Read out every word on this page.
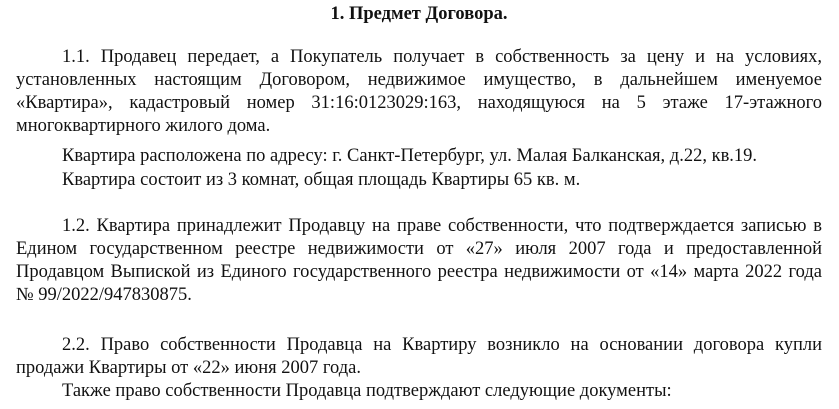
1. Предмет Договора.

1.1. Продавец передает, а Покупатель получает в собственность за цену и на условиях, установленных настоящим Договором, недвижимое имущество, в дальнейшем именуемое «Квартира», кадастровый номер 31:16:0123029:163, находящуюся на 5 этаже 17-этажного многоквартирного жилого дома.

Квартира расположена по адресу: г. Санкт-Петербург, ул. Малая Балканская, д.22, кв.19.

Квартира состоит из 3 комнат, общая площадь Квартиры 65 кв. м.

1.2. Квартира принадлежит Продавцу на праве собственности, что подтверждается записью в Едином государственном реестре недвижимости от «27» июля 2007 года и предоставленной Продавцом Выпиской из Единого государственного реестра недвижимости от «14» марта 2022 года № 99/2022/947830875.

2.2. Право собственности Продавца на Квартиру возникло на основании договора купли продажи Квартиры от «22» июня 2007 года.

Также право собственности Продавца подтверждают следующие документы:
